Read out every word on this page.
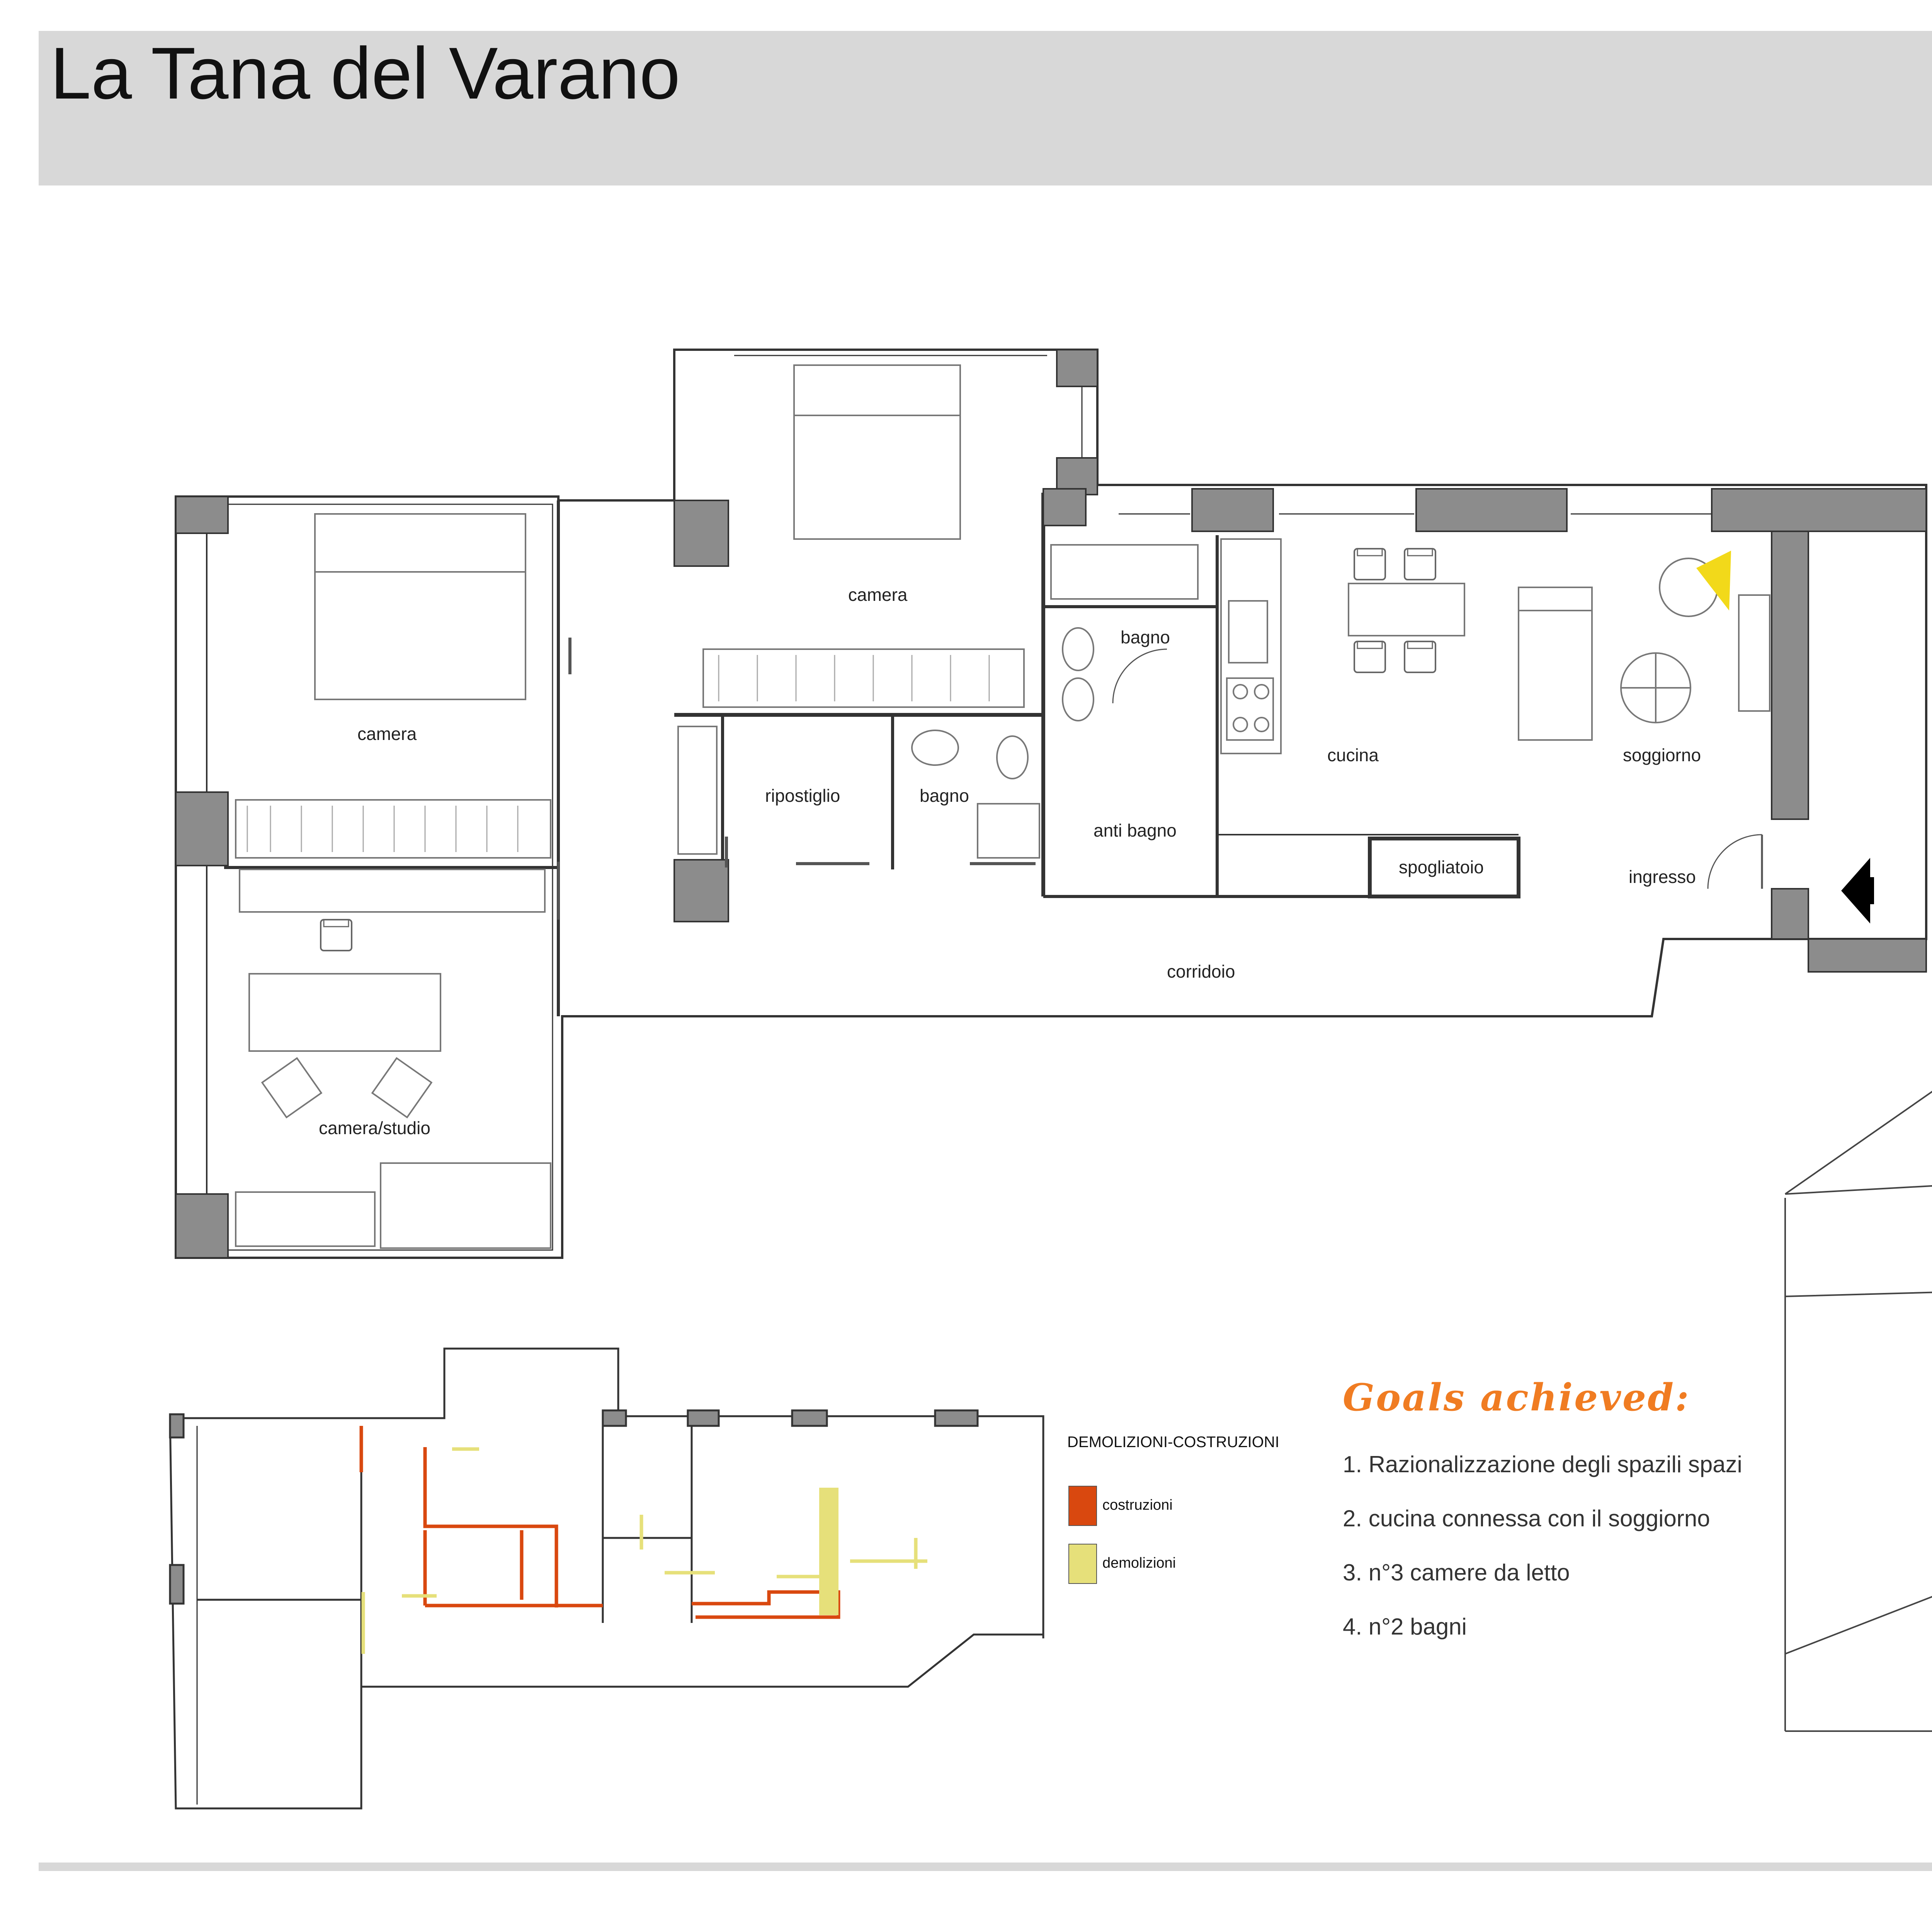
La Tana del Varano
camera
camera
camera/studio
ripostiglio	bagno
bagno
anti bagno
cucina	soggiorno
spogliatoio	ingresso
corridoio

DEMOLIZIONI-COSTRUZIONI
costruzioni
demolizioni
Goals achieved:
1. Razionalizzazione degli spazili spazi
2. cucina connessa con il soggiorno
3. n°3 camere da letto
4. n°2 bagni
